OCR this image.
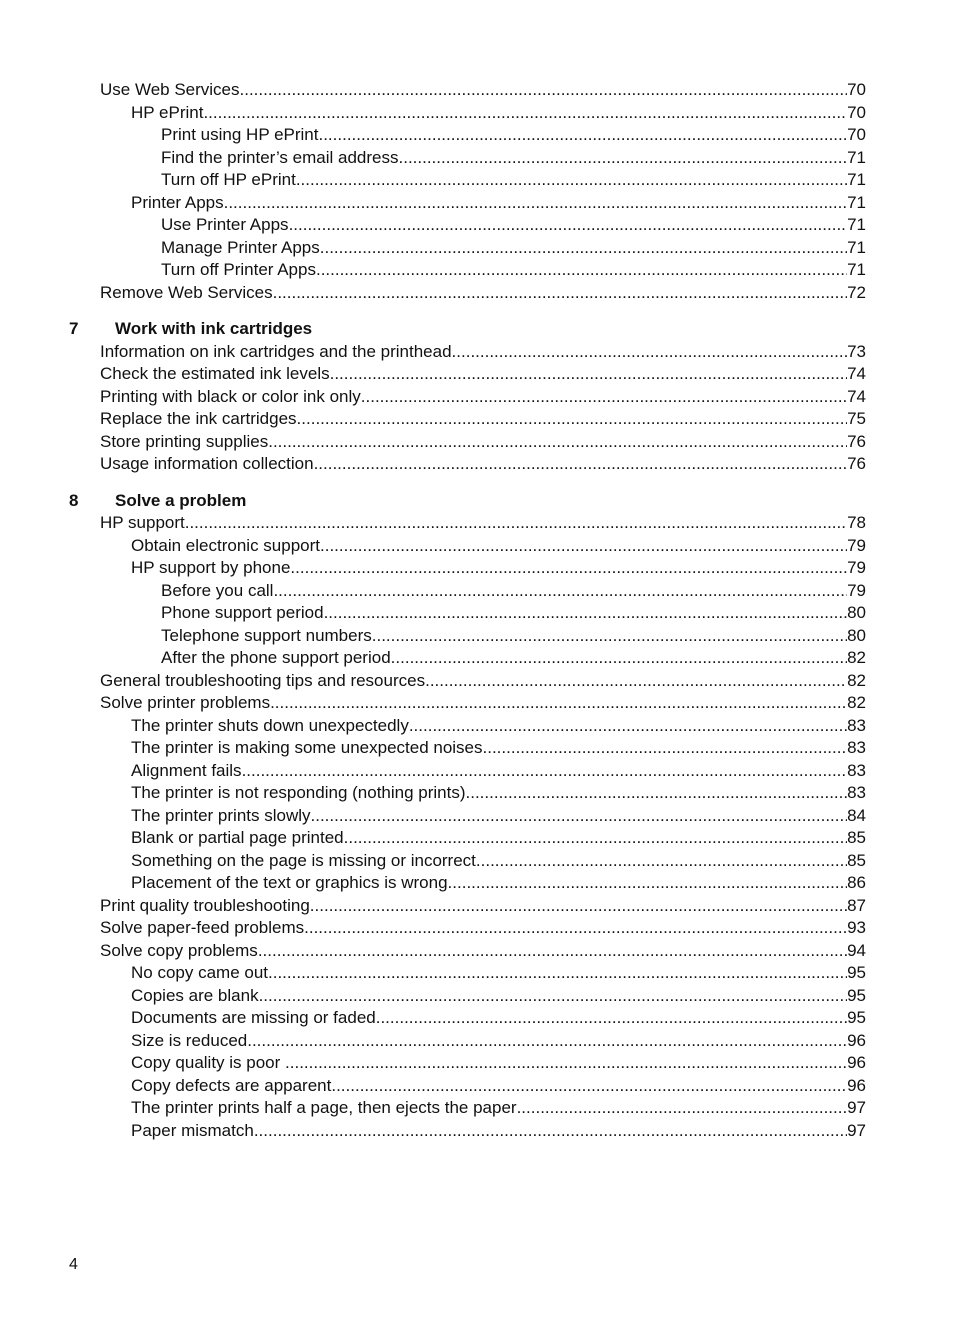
Use Web Services .....	70
HP ePrint .....	70
Print using HP ePrint .....	70
Find the printer’s email address .....	71
Turn off HP ePrint .....	71
Printer Apps .....	71
Use Printer Apps .....	71
Manage Printer Apps .....	71
Turn off Printer Apps .....	71
Remove Web Services .....	72
7 Work with ink cartridges
Information on ink cartridges and the printhead .....	73
Check the estimated ink levels .....	74
Printing with black or color ink only .....	74
Replace the ink cartridges .....	75
Store printing supplies .....	76
Usage information collection .....	76
8 Solve a problem
HP support .....	78
Obtain electronic support .....	79
HP support by phone .....	79
Before you call .....	79
Phone support period .....	80
Telephone support numbers .....	80
After the phone support period .....	82
General troubleshooting tips and resources .....	82
Solve printer problems .....	82
The printer shuts down unexpectedly .....	83
The printer is making some unexpected noises .....	83
Alignment fails .....	83
The printer is not responding (nothing prints) .....	83
The printer prints slowly .....	84
Blank or partial page printed .....	85
Something on the page is missing or incorrect .....	85
Placement of the text or graphics is wrong .....	86
Print quality troubleshooting .....	87
Solve paper-feed problems .....	93
Solve copy problems .....	94
No copy came out .....	95
Copies are blank .....	95
Documents are missing or faded .....	95
Size is reduced .....	96
Copy quality is poor .....	96
Copy defects are apparent .....	96
The printer prints half a page, then ejects the paper .....	97
Paper mismatch .....	97
4
